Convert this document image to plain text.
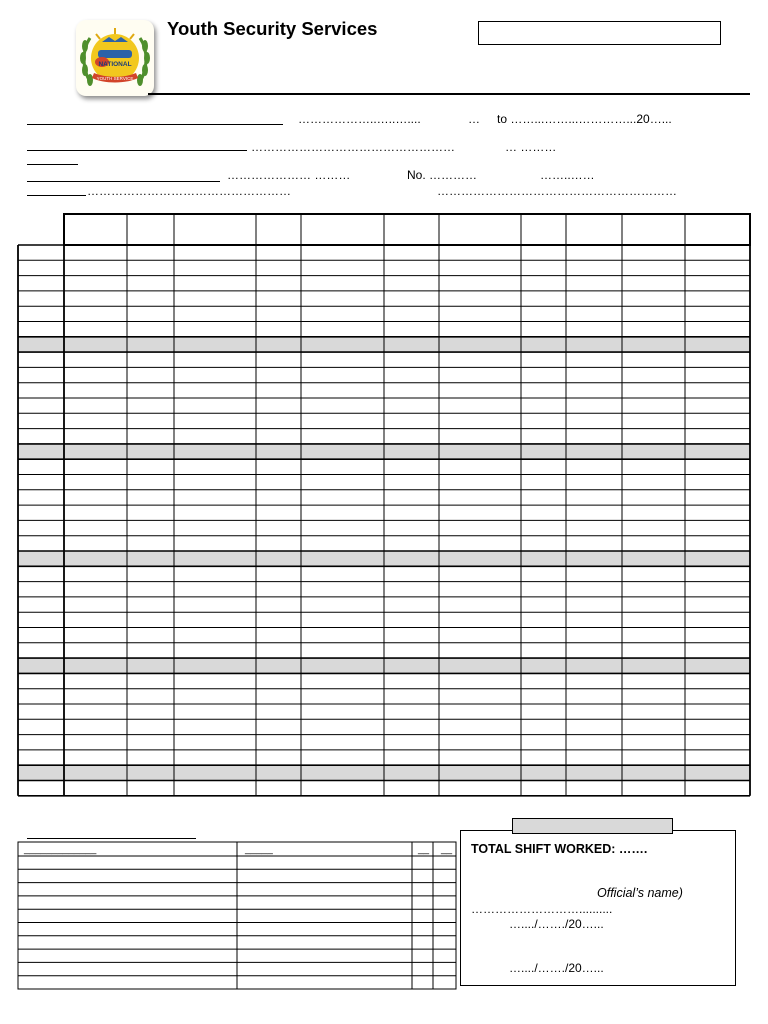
NATIONAL
YOUTH SERVICE
Youth Security Services
………………..…..…....	… to ……...……...…………...20…...
……………………………………………	… ………
………………… ………	No. …………	……..……
……………………………………………	……………………………………………………
_____________	_____	__ __ TOTAL SHIFT WORKED: …….
Official’s name)
………………………..........
…..../……./20…...
…..../……./20…...
